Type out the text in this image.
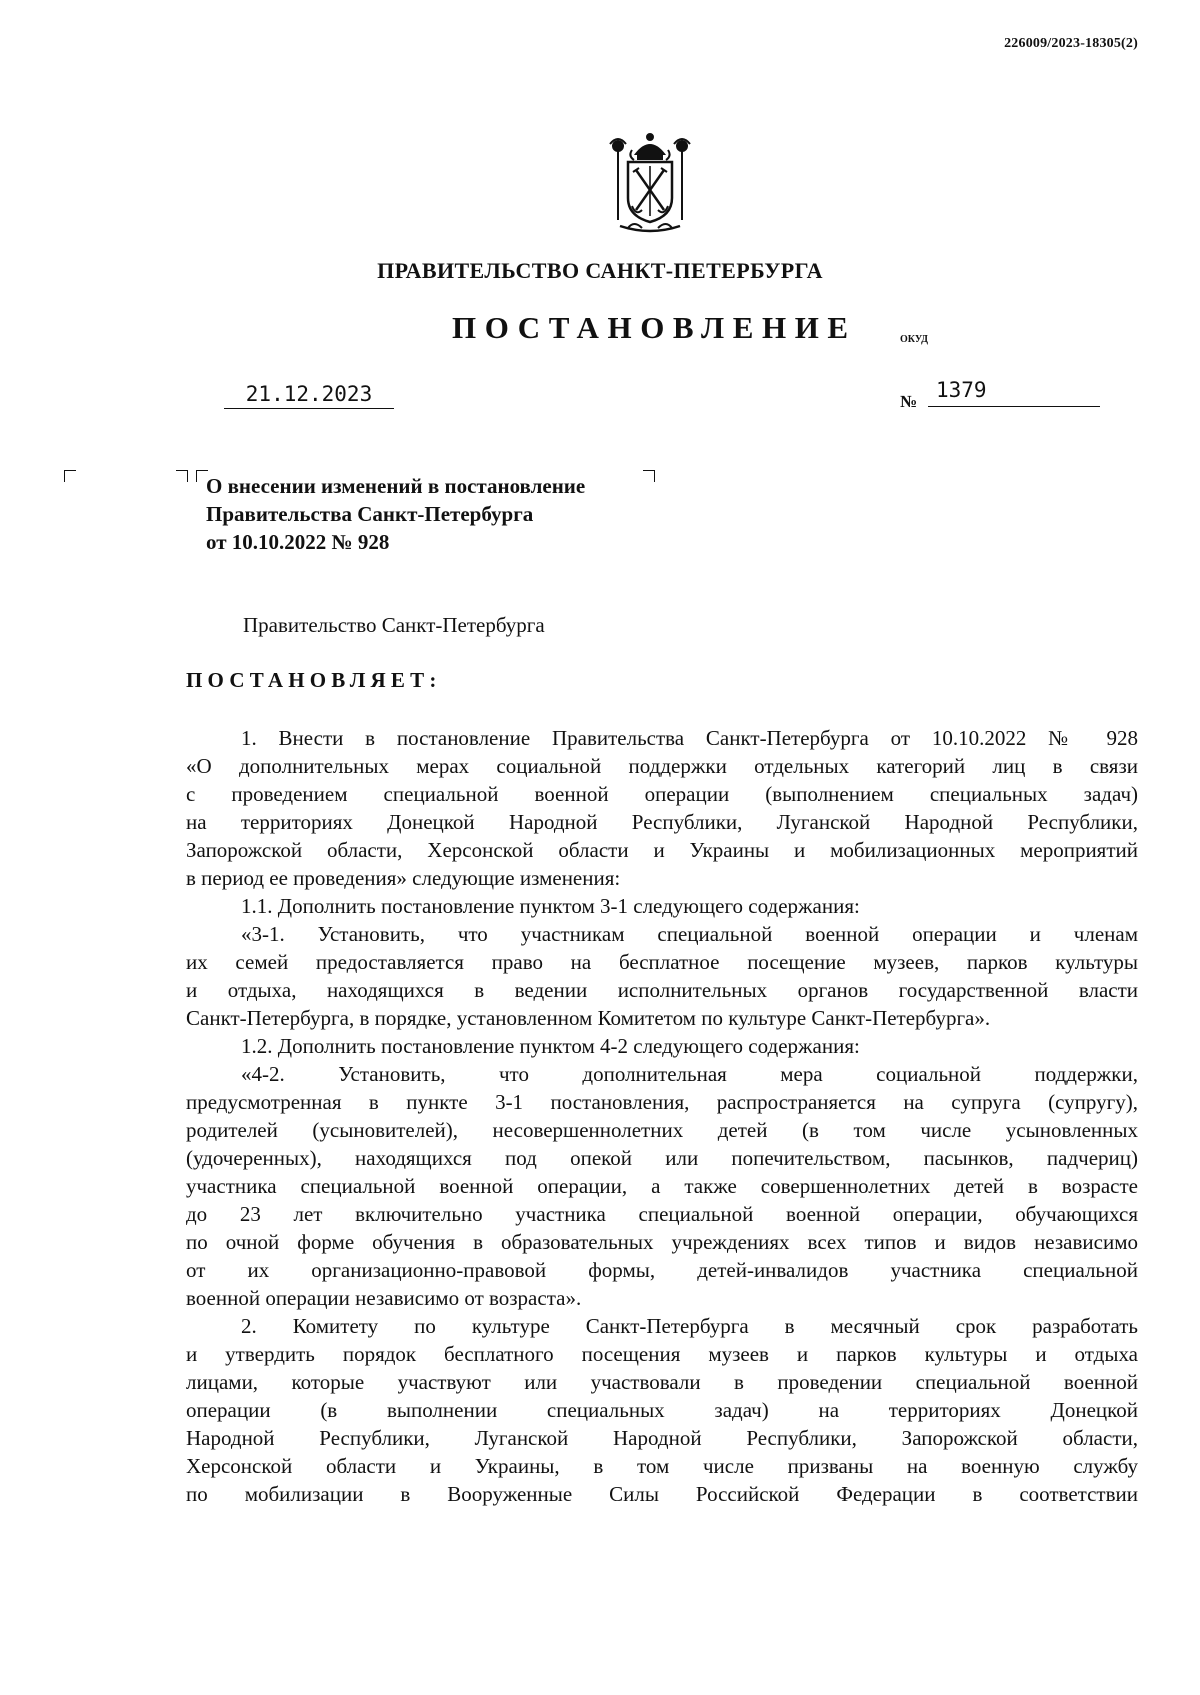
226009/2023-18305(2)
ПРАВИТЕЛЬСТВО САНКТ-ПЕТЕРБУРГА
ПОСТАНОВЛЕНИЕ	ОКУД
21.12.2023	№ 1379
О внесении изменений в постановление
Правительства Санкт-Петербурга
от 10.10.2022 № 928
Правительство Санкт-Петербурга
ПОСТАНОВЛЯЕТ:

1. Внести в постановление Правительства Санкт-Петербурга от 10.10.2022 № 928

«О дополнительных мерах социальной поддержки отдельных категорий лиц в связи

с проведением специальной военной операции (выполнением специальных задач)

на территориях Донецкой Народной Республики, Луганской Народной Республики,

Запорожской области, Херсонской области и Украины и мобилизационных мероприятий

в период ее проведения» следующие изменения:

1.1. Дополнить постановление пунктом 3-1 следующего содержания:

«3-1. Установить, что участникам специальной военной операции и членам

их семей предоставляется право на бесплатное посещение музеев, парков культуры

и отдыха, находящихся в ведении исполнительных органов государственной власти

Санкт-Петербурга, в порядке, установленном Комитетом по культуре Санкт-Петербурга».

1.2. Дополнить постановление пунктом 4-2 следующего содержания:

«4-2. Установить, что дополнительная мера социальной поддержки,

предусмотренная в пункте 3-1 постановления, распространяется на супруга (супругу),

родителей (усыновителей), несовершеннолетних детей (в том числе усыновленных

(удочеренных), находящихся под опекой или попечительством, пасынков, падчериц)

участника специальной военной операции, а также совершеннолетних детей в возрасте

до 23 лет включительно участника специальной военной операции, обучающихся

по очной форме обучения в образовательных учреждениях всех типов и видов независимо

от их организационно-правовой формы, детей-инвалидов участника специальной

военной операции независимо от возраста».

2. Комитету по культуре Санкт-Петербурга в месячный срок разработать

и утвердить порядок бесплатного посещения музеев и парков культуры и отдыха

лицами, которые участвуют или участвовали в проведении специальной военной

операции (в выполнении специальных задач) на территориях Донецкой

Народной Республики, Луганской Народной Республики, Запорожской области,

Херсонской области и Украины, в том числе призваны на военную службу

по мобилизации в Вооруженные Силы Российской Федерации в соответствии
